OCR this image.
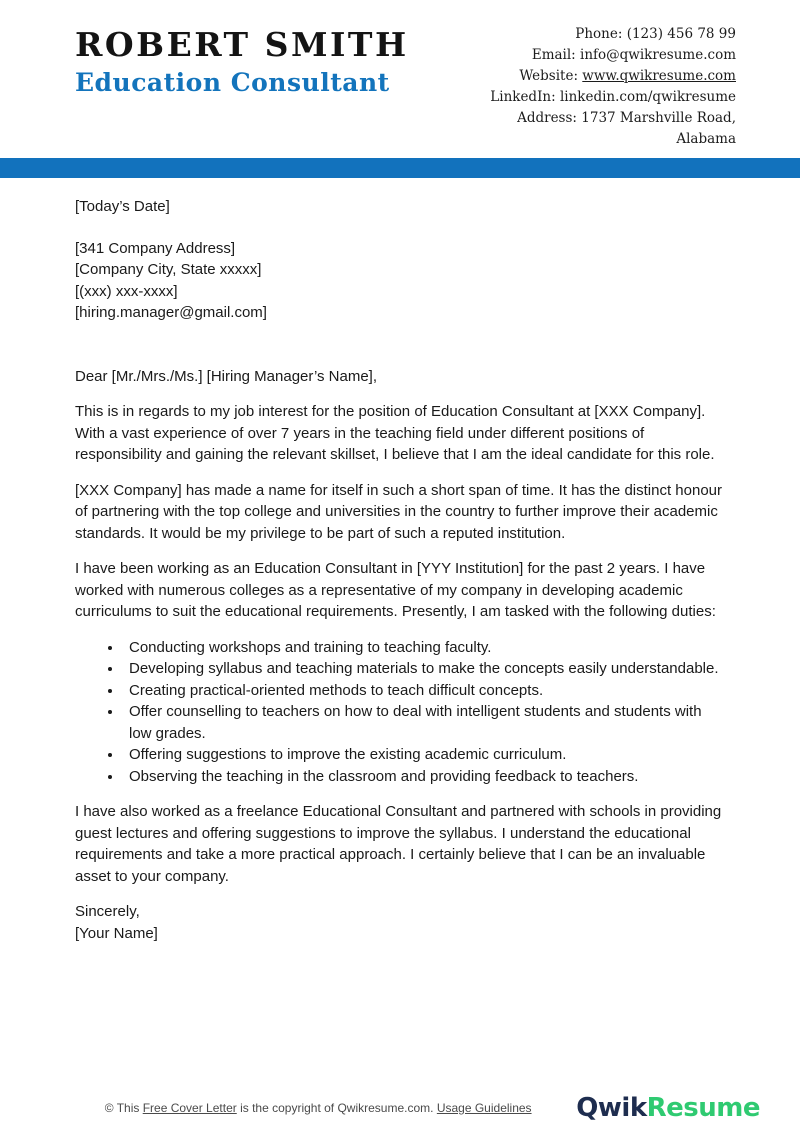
ROBERT SMITH
Education Consultant
Phone: (123) 456 78 99
Email: info@qwikresume.com
Website: www.qwikresume.com
LinkedIn: linkedin.com/qwikresume
Address: 1737 Marshville Road, Alabama
[Today’s Date]
[341 Company Address]
[Company City, State xxxxx]
[(xxx) xxx-xxxx]
[hiring.manager@gmail.com]
Dear [Mr./Mrs./Ms.] [Hiring Manager’s Name],

This is in regards to my job interest for the position of Education Consultant at [XXX Company]. With a vast experience of over 7 years in the teaching field under different positions of responsibility and gaining the relevant skillset, I believe that I am the ideal candidate for this role.

[XXX Company] has made a name for itself in such a short span of time. It has the distinct honour of partnering with the top college and universities in the country to further improve their academic standards. It would be my privilege to be part of such a reputed institution.

I have been working as an Education Consultant in [YYY Institution] for the past 2 years. I have worked with numerous colleges as a representative of my company in developing academic curriculums to suit the educational requirements. Presently, I am tasked with the following duties:

• Conducting workshops and training to teaching faculty.
• Developing syllabus and teaching materials to make the concepts easily understandable.
• Creating practical-oriented methods to teach difficult concepts.
• Offer counselling to teachers on how to deal with intelligent students and students with low grades.
• Offering suggestions to improve the existing academic curriculum.
• Observing the teaching in the classroom and providing feedback to teachers.

I have also worked as a freelance Educational Consultant and partnered with schools in providing guest lectures and offering suggestions to improve the syllabus. I understand the educational requirements and take a more practical approach. I certainly believe that I can be an invaluable asset to your company.

Sincerely,
[Your Name]
© This Free Cover Letter is the copyright of Qwikresume.com. Usage Guidelines	QwikResume
